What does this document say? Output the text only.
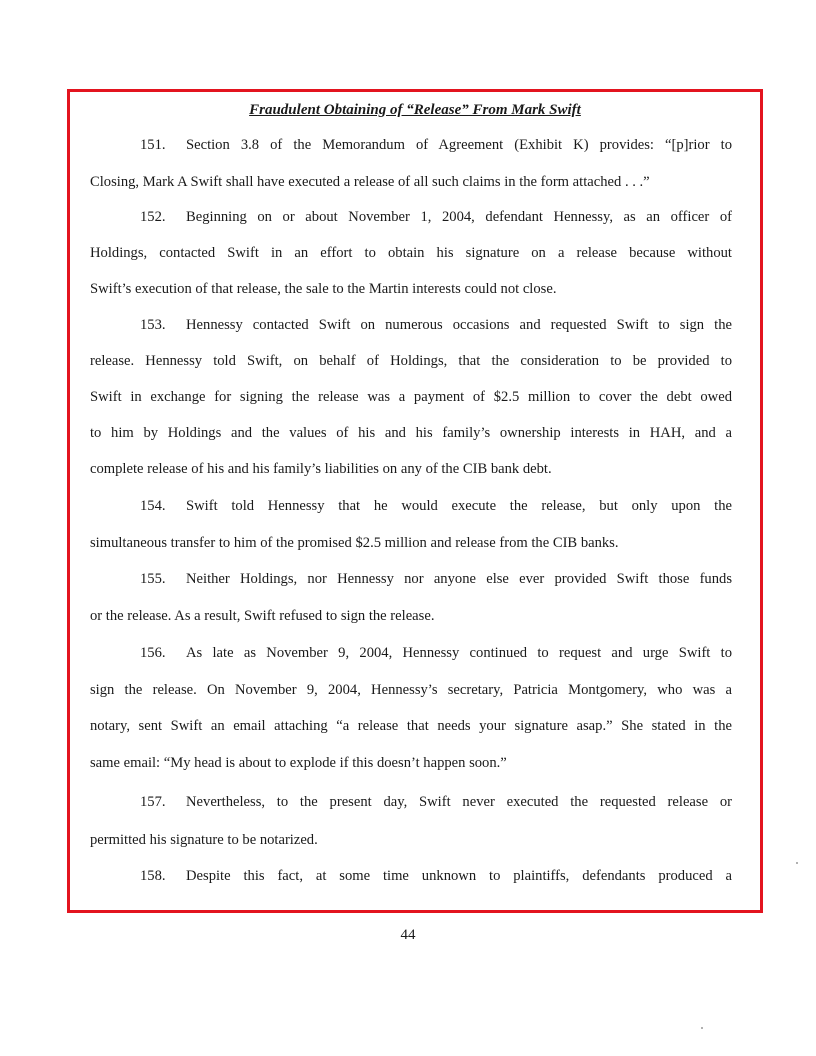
Fraudulent Obtaining of “Release” From Mark Swift
151. Section 3.8 of the Memorandum of Agreement (Exhibit K) provides: “[p]rior to
Closing, Mark A Swift shall have executed a release of all such claims in the form attached . . .”
152. Beginning on or about November 1, 2004, defendant Hennessy, as an officer of
Holdings, contacted Swift in an effort to obtain his signature on a release because without
Swift’s execution of that release, the sale to the Martin interests could not close.
153. Hennessy contacted Swift on numerous occasions and requested Swift to sign the
release. Hennessy told Swift, on behalf of Holdings, that the consideration to be provided to
Swift in exchange for signing the release was a payment of $2.5 million to cover the debt owed
to him by Holdings and the values of his and his family’s ownership interests in HAH, and a
complete release of his and his family’s liabilities on any of the CIB bank debt.
154. Swift told Hennessy that he would execute the release, but only upon the
simultaneous transfer to him of the promised $2.5 million and release from the CIB banks.
155. Neither Holdings, nor Hennessy nor anyone else ever provided Swift those funds
or the release. As a result, Swift refused to sign the release.
156. As late as November 9, 2004, Hennessy continued to request and urge Swift to
sign the release. On November 9, 2004, Hennessy’s secretary, Patricia Montgomery, who was a
notary, sent Swift an email attaching “a release that needs your signature asap.” She stated in the
same email: “My head is about to explode if this doesn’t happen soon.”
157. Nevertheless, to the present day, Swift never executed the requested release or
permitted his signature to be notarized.
158. Despite this fact, at some time unknown to plaintiffs, defendants produced a
44
